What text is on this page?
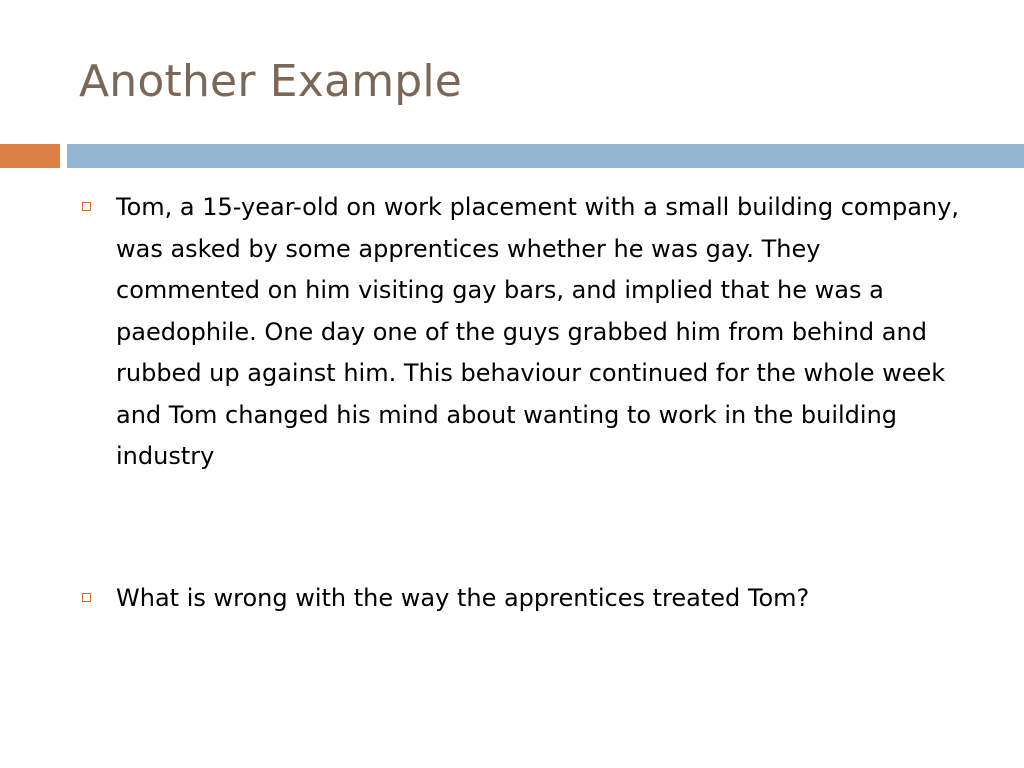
Another Example

Tom, a 15-year-old on work placement with a small building company, was asked by some apprentices whether he was gay. They commented on him visiting gay bars, and implied that he was a paedophile. One day one of the guys grabbed him from behind and rubbed up against him. This behaviour continued for the whole week and Tom changed his mind about wanting to work in the building industry

What is wrong with the way the apprentices treated Tom?
